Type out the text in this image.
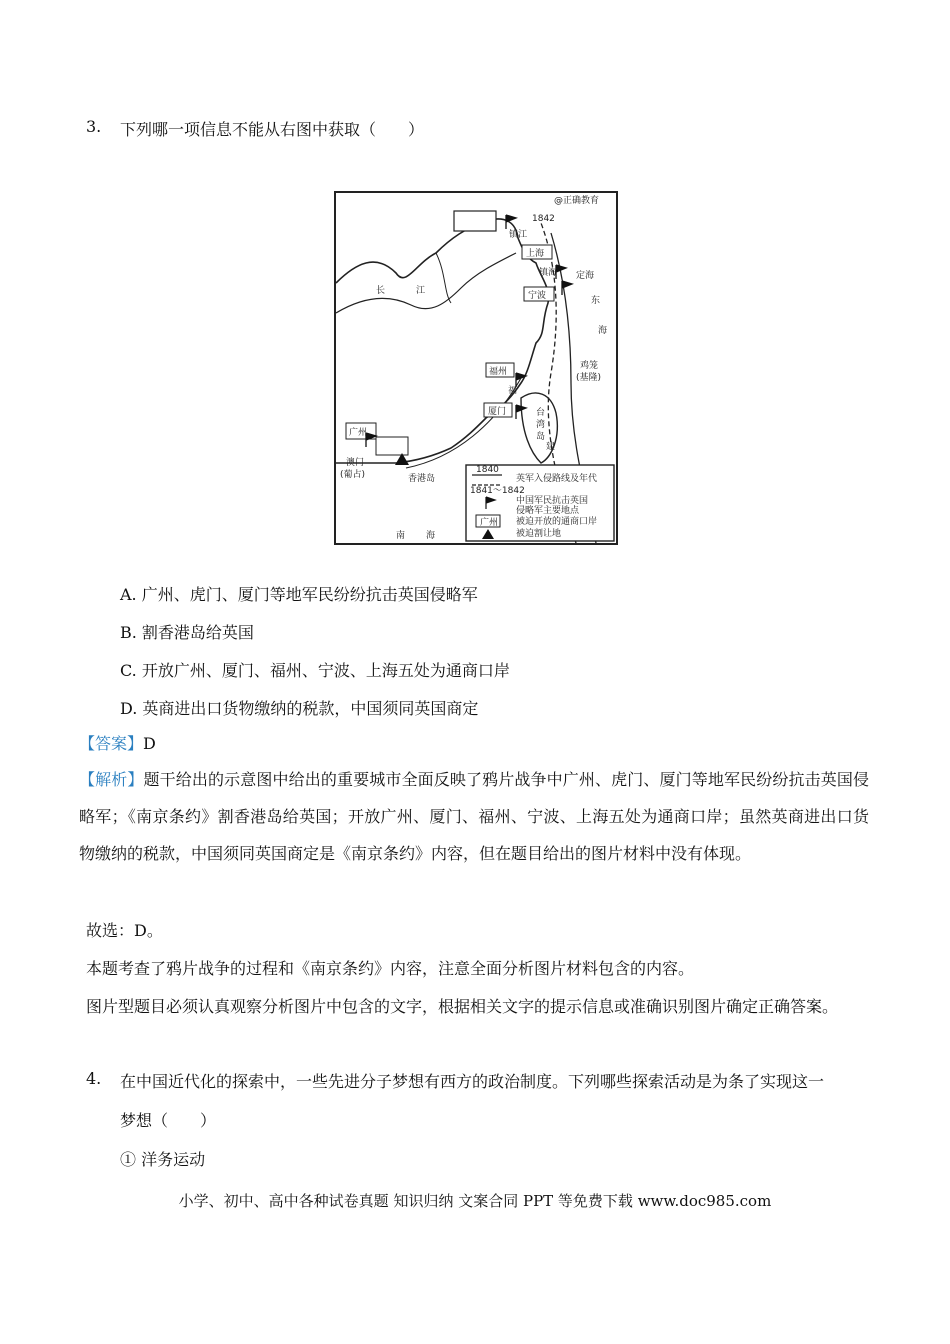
3.	下列哪一项信息不能从右图中获取（　　）
@正确教育
1842
镇江
上海
镇海 定海
宁波
长	江
东
海
福州
福
厦门
鸡笼
(基隆)
台
湾
岛
建
广州
澳门
(葡占)	香港岛
南 海
1840
1841～1842
英军入侵路线及年代
中国军民抗击英国
侵略军主要地点
广州 被迫开放的通商口岸
被迫割让地
A. 广州、虎门、厦门等地军民纷纷抗击英国侵略军
B. 割香港岛给英国
C. 开放广州、厦门、福州、宁波、上海五处为通商口岸
D. 英商进出口货物缴纳的税款，中国须同英国商定
【答案】D
【解析】题干给出的示意图中给出的重要城市全面反映了鸦片战争中广州、虎门、厦门等地军民纷纷抗击英国侵略军；《南京条约》割香港岛给英国；开放广州、厦门、福州、宁波、上海五处为通商口岸；虽然英商进出口货物缴纳的税款，中国须同英国商定是《南京条约》内容，但在题目给出的图片材料中没有体现。
故选：D。
本题考查了鸦片战争的过程和《南京条约》内容，注意全面分析图片材料包含的内容。
图片型题目必须认真观察分析图片中包含的文字，根据相关文字的提示信息或准确识别图片确定正确答案。
4.	在中国近代化的探索中，一些先进分子梦想有西方的政治制度。下列哪些探索活动是为条了实现这一
梦想（　　）
① 洋务运动
小学、初中、高中各种试卷真题 知识归纳 文案合同 PPT 等免费下载 www.doc985.com
